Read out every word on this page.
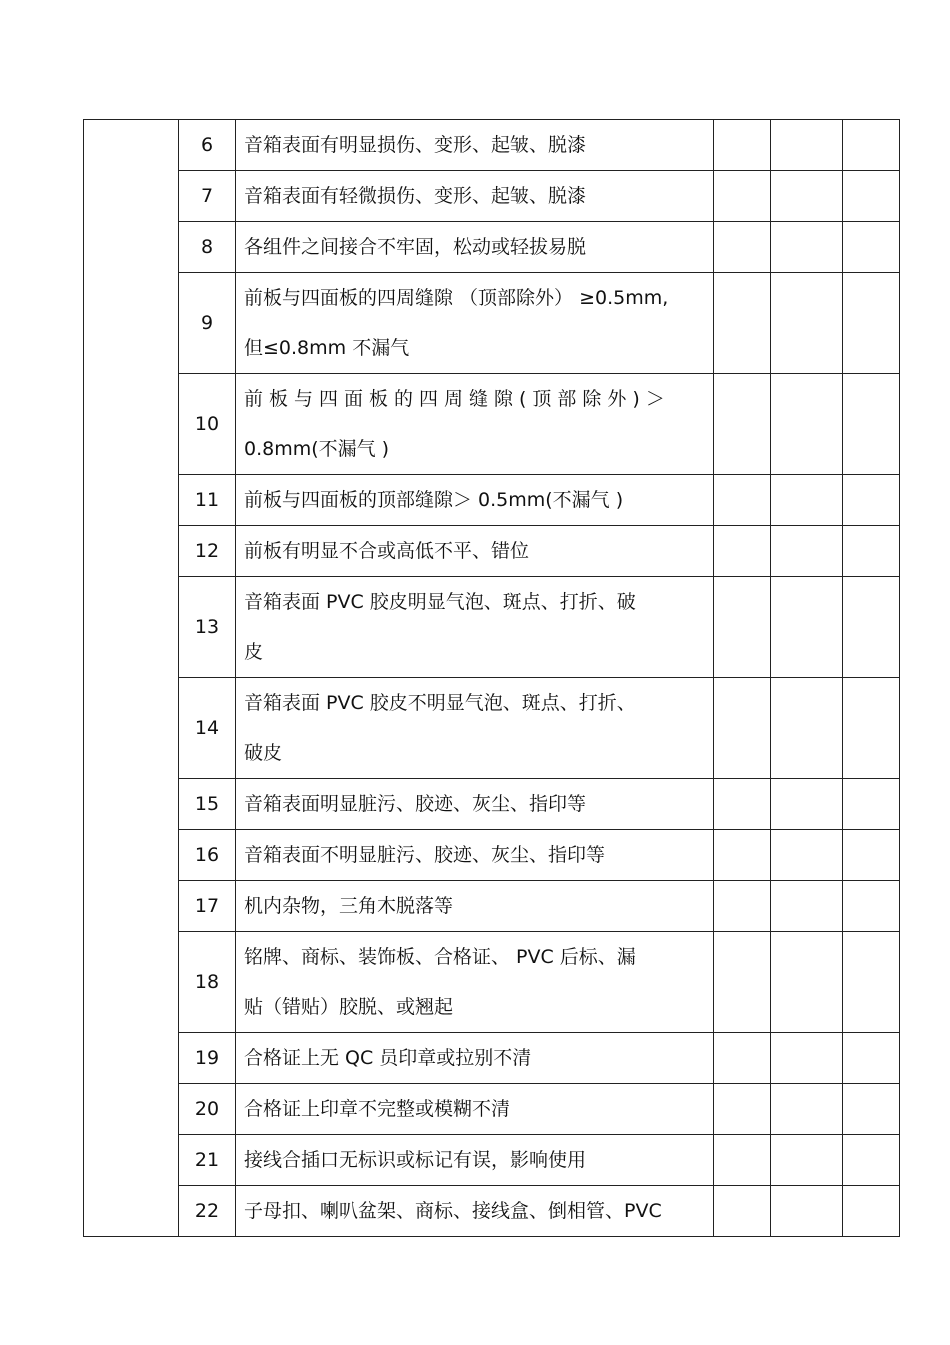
	6	音箱表面有明显损伤、变形、起皱、脱漆			

	7	音箱表面有轻微损伤、变形、起皱、脱漆			

	8	各组件之间接合不牢固，松动或轻拔易脱			

	9	前板与四面板的四周缝隙 （顶部除外） ≥0.5mm,
但≤0.8mm 不漏气			

	10	前板与四面板的四周缝隙(顶部除外)＞
0.8mm(不漏气 )			

	11	前板与四面板的顶部缝隙＞ 0.5mm(不漏气 )			

	12	前板有明显不合或高低不平、错位			

	13	音箱表面 PVC 胶皮明显气泡、斑点、打折、破
皮			

	14	音箱表面 PVC 胶皮不明显气泡、斑点、打折、
破皮			

	15	音箱表面明显脏污、胶迹、灰尘、指印等			

	16	音箱表面不明显脏污、胶迹、灰尘、指印等			

	17	机内杂物，三角木脱落等			

	18	铭牌、商标、装饰板、合格证、 PVC 后标、漏
贴（错贴）胶脱、或翘起			

	19	合格证上无 QC 员印章或拉别不清			

	20	合格证上印章不完整或模糊不清			

	21	接线合插口无标识或标记有误，影响使用			

	22	子母扣、喇叭盆架、商标、接线盒、倒相管、PVC			
